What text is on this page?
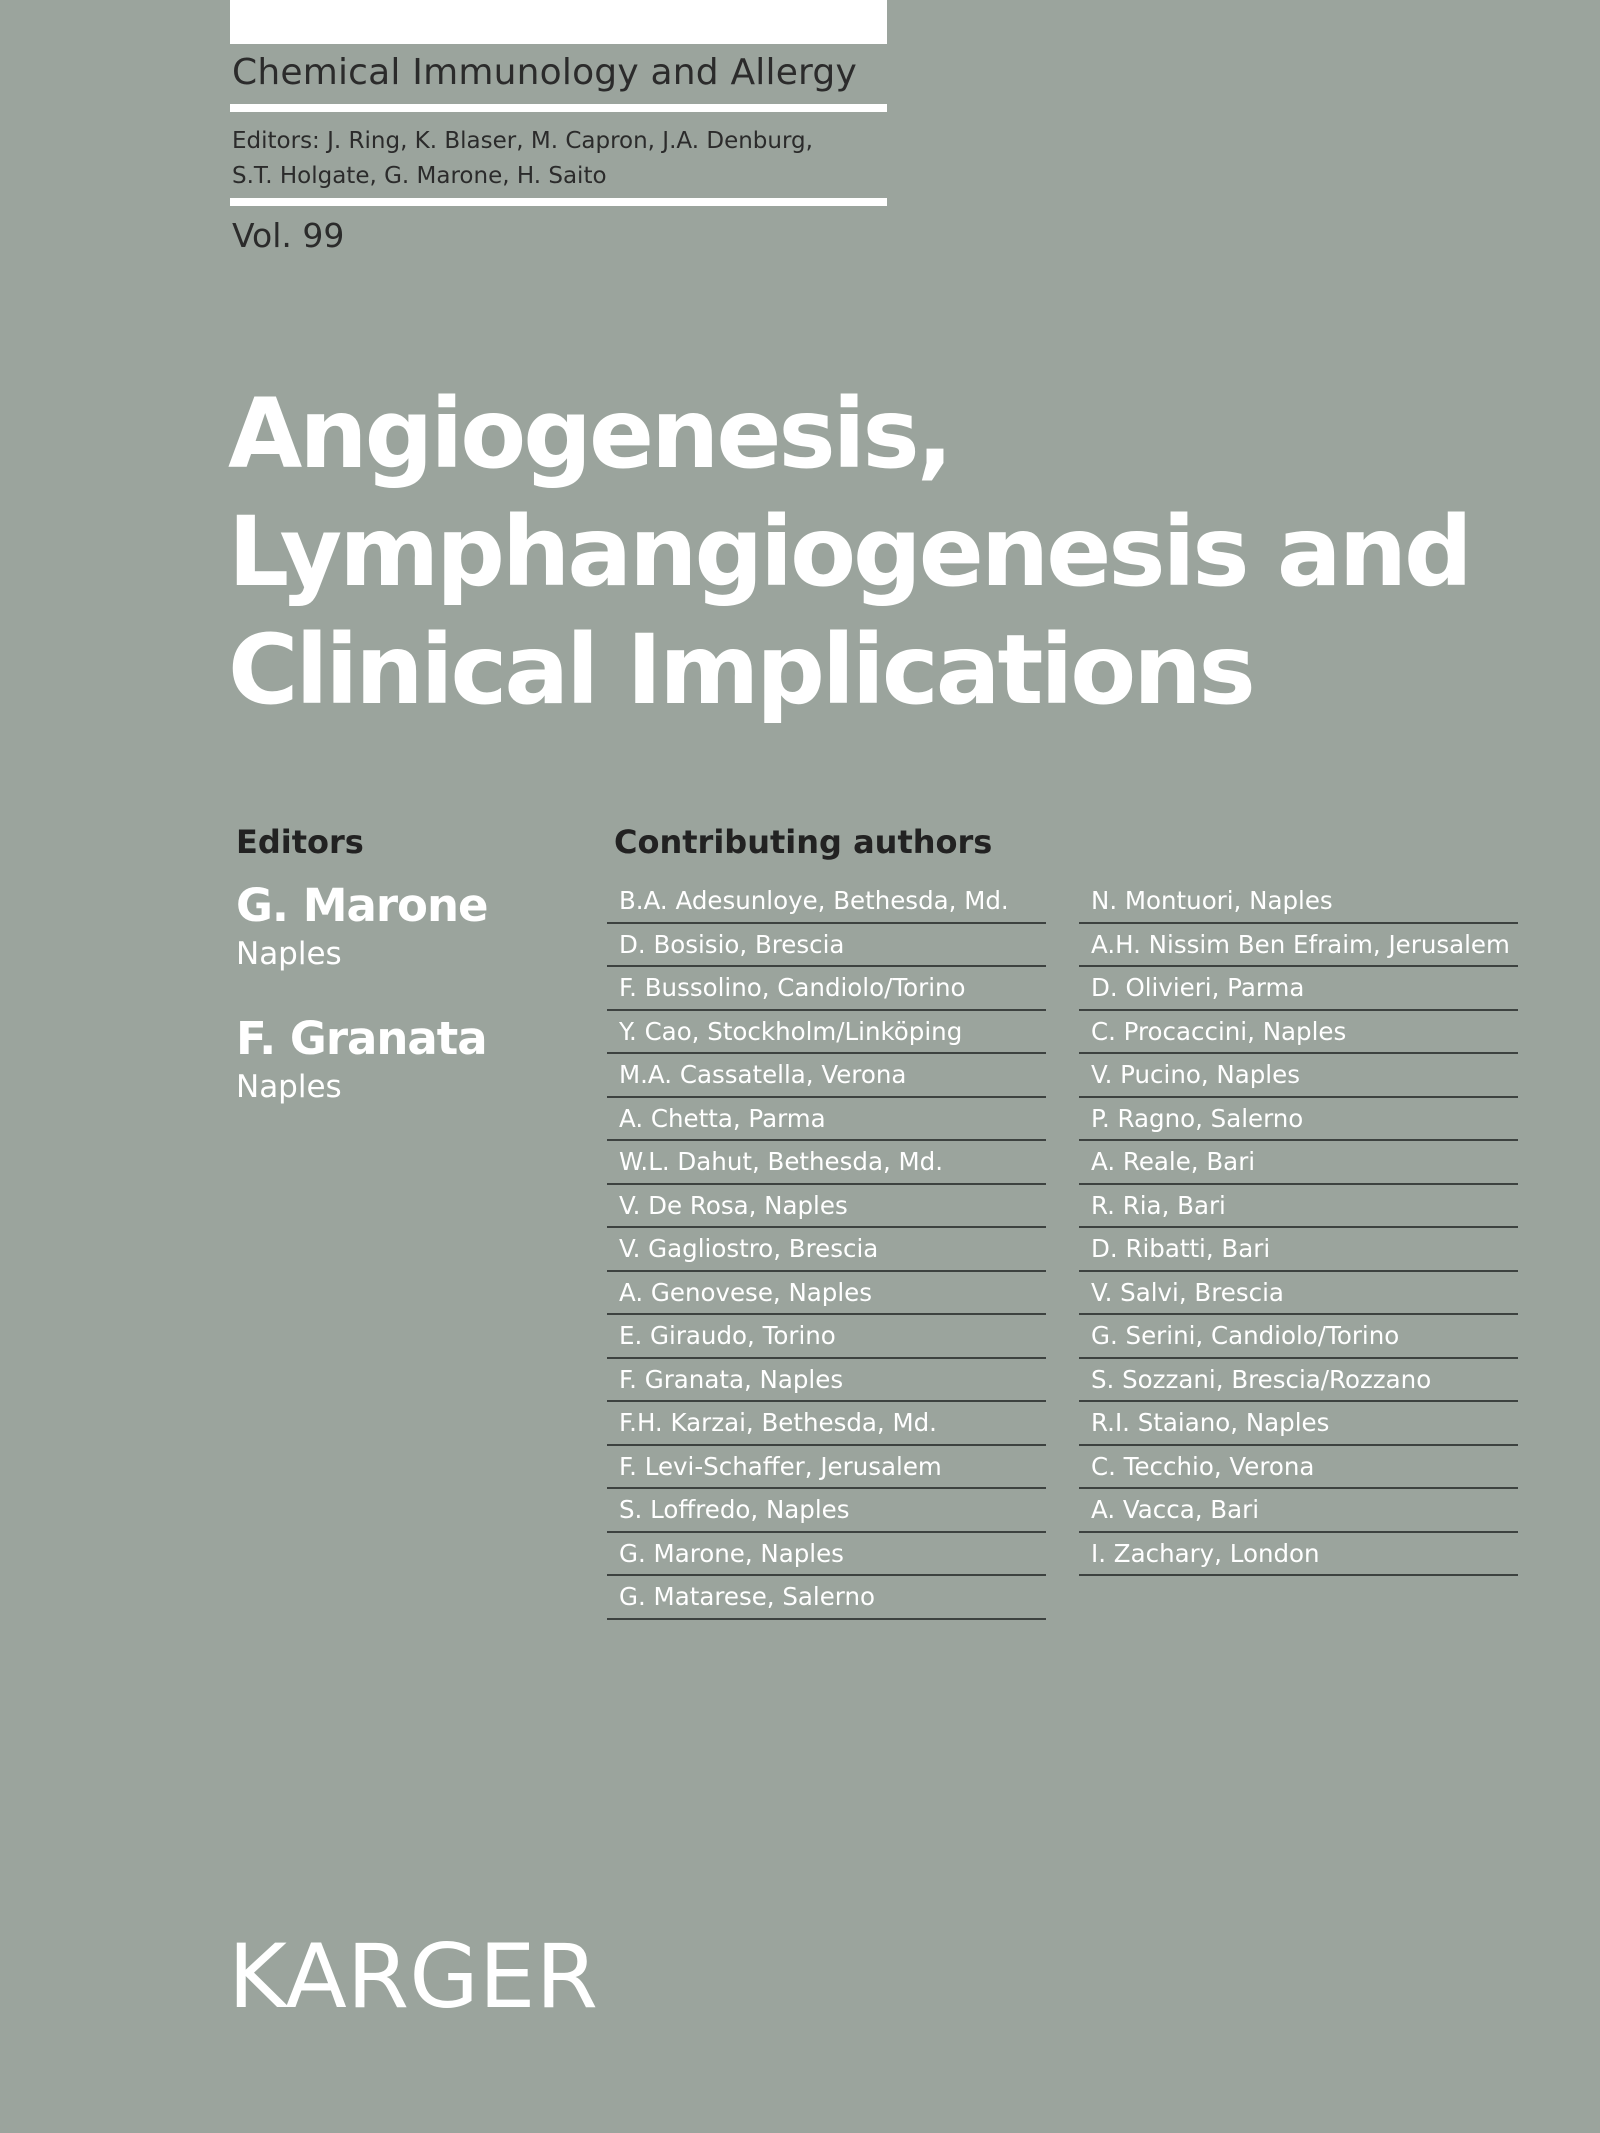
Chemical Immunology and Allergy
Editors: J. Ring, K. Blaser, M. Capron, J.A. Denburg,
S.T. Holgate, G. Marone, H. Saito
Vol. 99
Angiogenesis,
Lymphangiogenesis and
Clinical Implications
Editors
G. Marone
Naples
F. Granata
Naples
Contributing authors
B.A. Adesunloye, Bethesda, Md.
D. Bosisio, Brescia
F. Bussolino, Candiolo/Torino
Y. Cao, Stockholm/Linköping
M.A. Cassatella, Verona
A. Chetta, Parma
W.L. Dahut, Bethesda, Md.
V. De Rosa, Naples
V. Gagliostro, Brescia
A. Genovese, Naples
E. Giraudo, Torino
F. Granata, Naples
F.H. Karzai, Bethesda, Md.
F. Levi-Schaffer, Jerusalem
S. Loffredo, Naples
G. Marone, Naples
G. Matarese, Salerno
N. Montuori, Naples
A.H. Nissim Ben Efraim, Jerusalem
D. Olivieri, Parma
C. Procaccini, Naples
V. Pucino, Naples
P. Ragno, Salerno
A. Reale, Bari
R. Ria, Bari
D. Ribatti, Bari
V. Salvi, Brescia
G. Serini, Candiolo/Torino
S. Sozzani, Brescia/Rozzano
R.I. Staiano, Naples
C. Tecchio, Verona
A. Vacca, Bari
I. Zachary, London
KARGER
